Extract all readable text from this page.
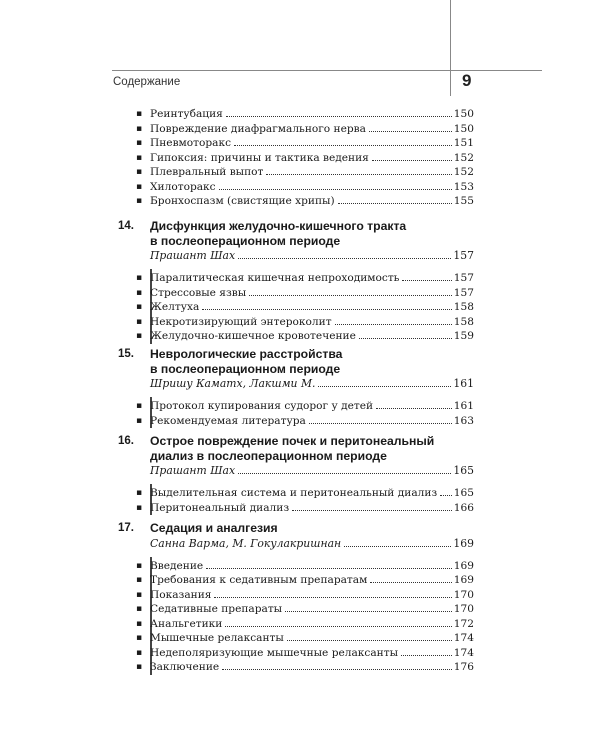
Содержание	9
▪ Реинтубация	150
▪ Повреждение диафрагмального нерва	150
▪ Пневмоторакс	151
▪ Гипоксия: причины и тактика ведения	152
▪ Плевральный выпот	152
▪ Хилоторакс	153
▪ Бронхоспазм (свистящие хрипы)	155
14. Дисфункция желудочно-кишечного тракта
в послеоперационном периоде
Прашант Шах	157
▪ Паралитическая кишечная непроходимость	157
▪ Стрессовые язвы	157
▪ Желтуха	158
▪ Некротизирующий энтероколит	158
▪ Желудочно-кишечное кровотечение	159
15. Неврологические расстройства
в послеоперационном периоде
Шришу Каматх, Лакшми М.	161
▪ Протокол купирования судорог у детей	161
▪ Рекомендуемая литература	163
16. Острое повреждение почек и перитонеальный
диализ в послеоперационном периоде
Прашант Шах	165
▪ Выделительная система и перитонеальный диализ 165
▪ Перитонеальный диализ	166
17. Седация и аналгезия
Санна Варма, М. Гокулакришнан	169
▪ Введение	169
▪ Требования к седативным препаратам	169
▪ Показания	170
▪ Седативные препараты	170
▪ Анальгетики	172
▪ Мышечные релаксанты	174
▪ Недеполяризующие мышечные релаксанты	174
▪ Заключение	176
